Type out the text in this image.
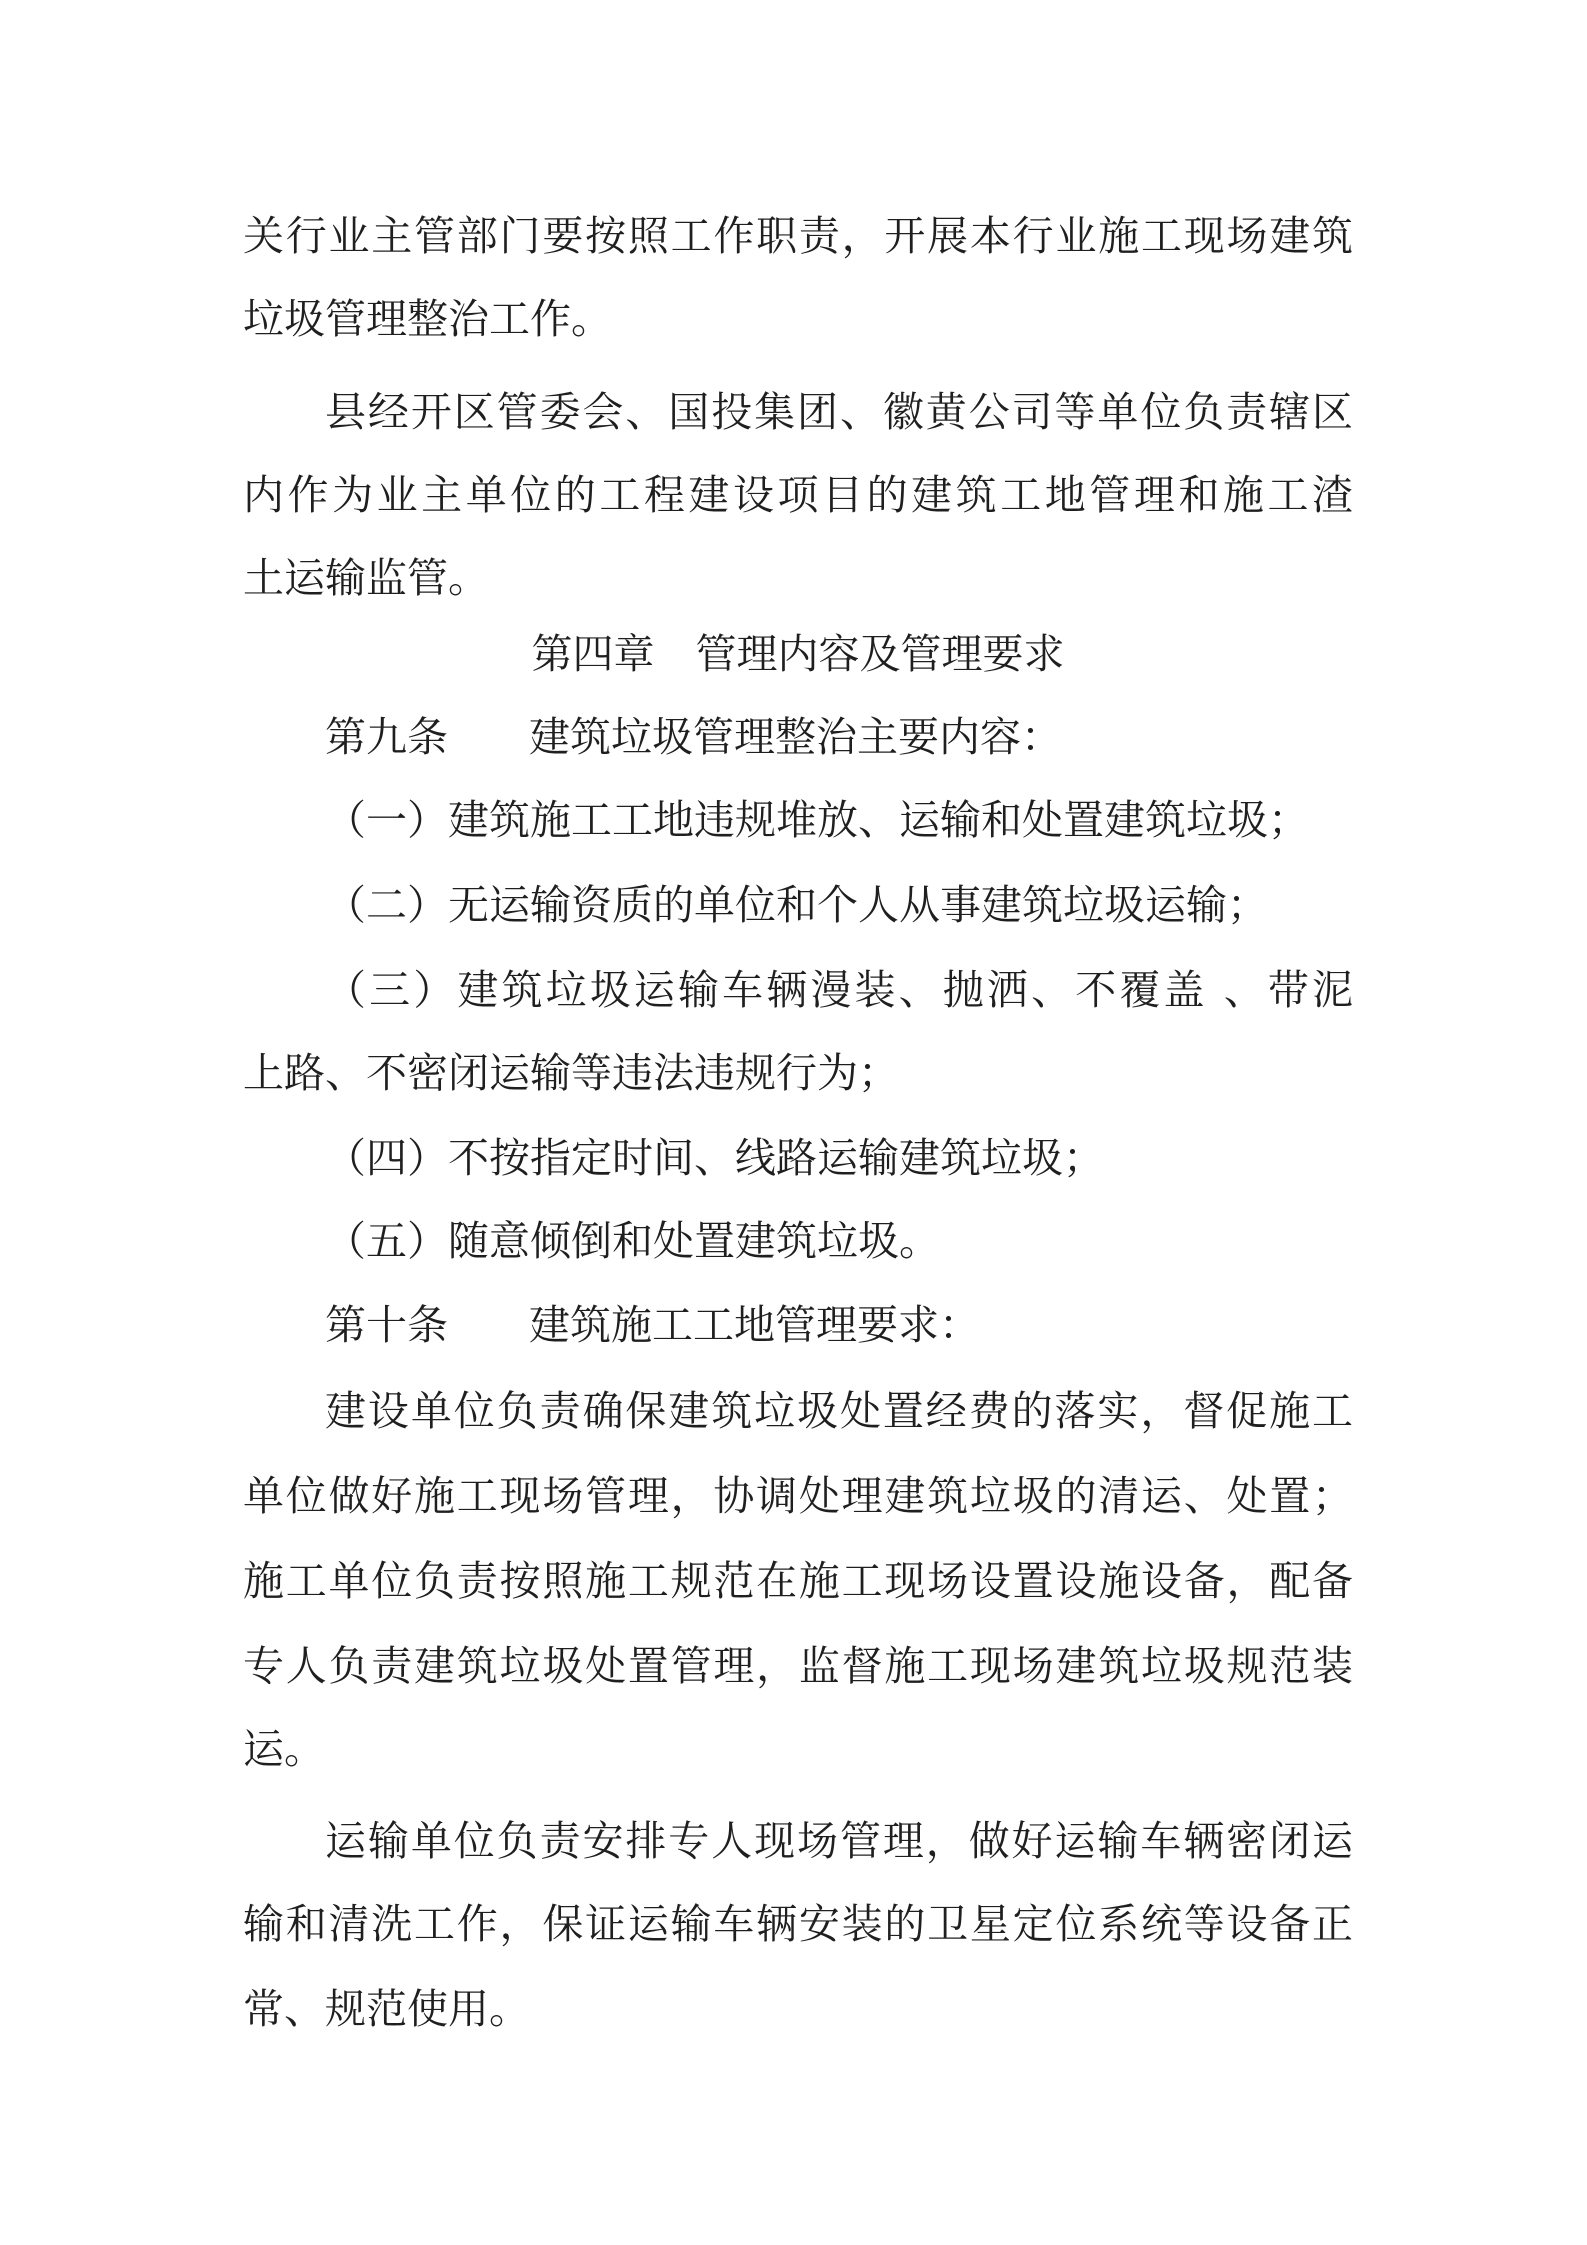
关行业主管部门要按照工作职责，开展本行业施工现场建筑
垃圾管理整治工作。
县经开区管委会、国投集团、徽黄公司等单位负责辖区
内作为业主单位的工程建设项目的建筑工地管理和施工渣
土运输监管。
第四章　管理内容及管理要求
第九条 建筑垃圾管理整治主要内容：
（一）建筑施工工地违规堆放、运输和处置建筑垃圾；
（二）无运输资质的单位和个人从事建筑垃圾运输；
（三）建筑垃圾运输车辆漫装、抛洒、不覆盖 、带泥
上路、不密闭运输等违法违规行为；
（四）不按指定时间、线路运输建筑垃圾；
（五）随意倾倒和处置建筑垃圾。
第十条 建筑施工工地管理要求：
建设单位负责确保建筑垃圾处置经费的落实，督促施工
单位做好施工现场管理，协调处理建筑垃圾的清运、处置；
施工单位负责按照施工规范在施工现场设置设施设备，配备
专人负责建筑垃圾处置管理，监督施工现场建筑垃圾规范装
运。
运输单位负责安排专人现场管理，做好运输车辆密闭运
输和清洗工作，保证运输车辆安装的卫星定位系统等设备正
常、规范使用。
